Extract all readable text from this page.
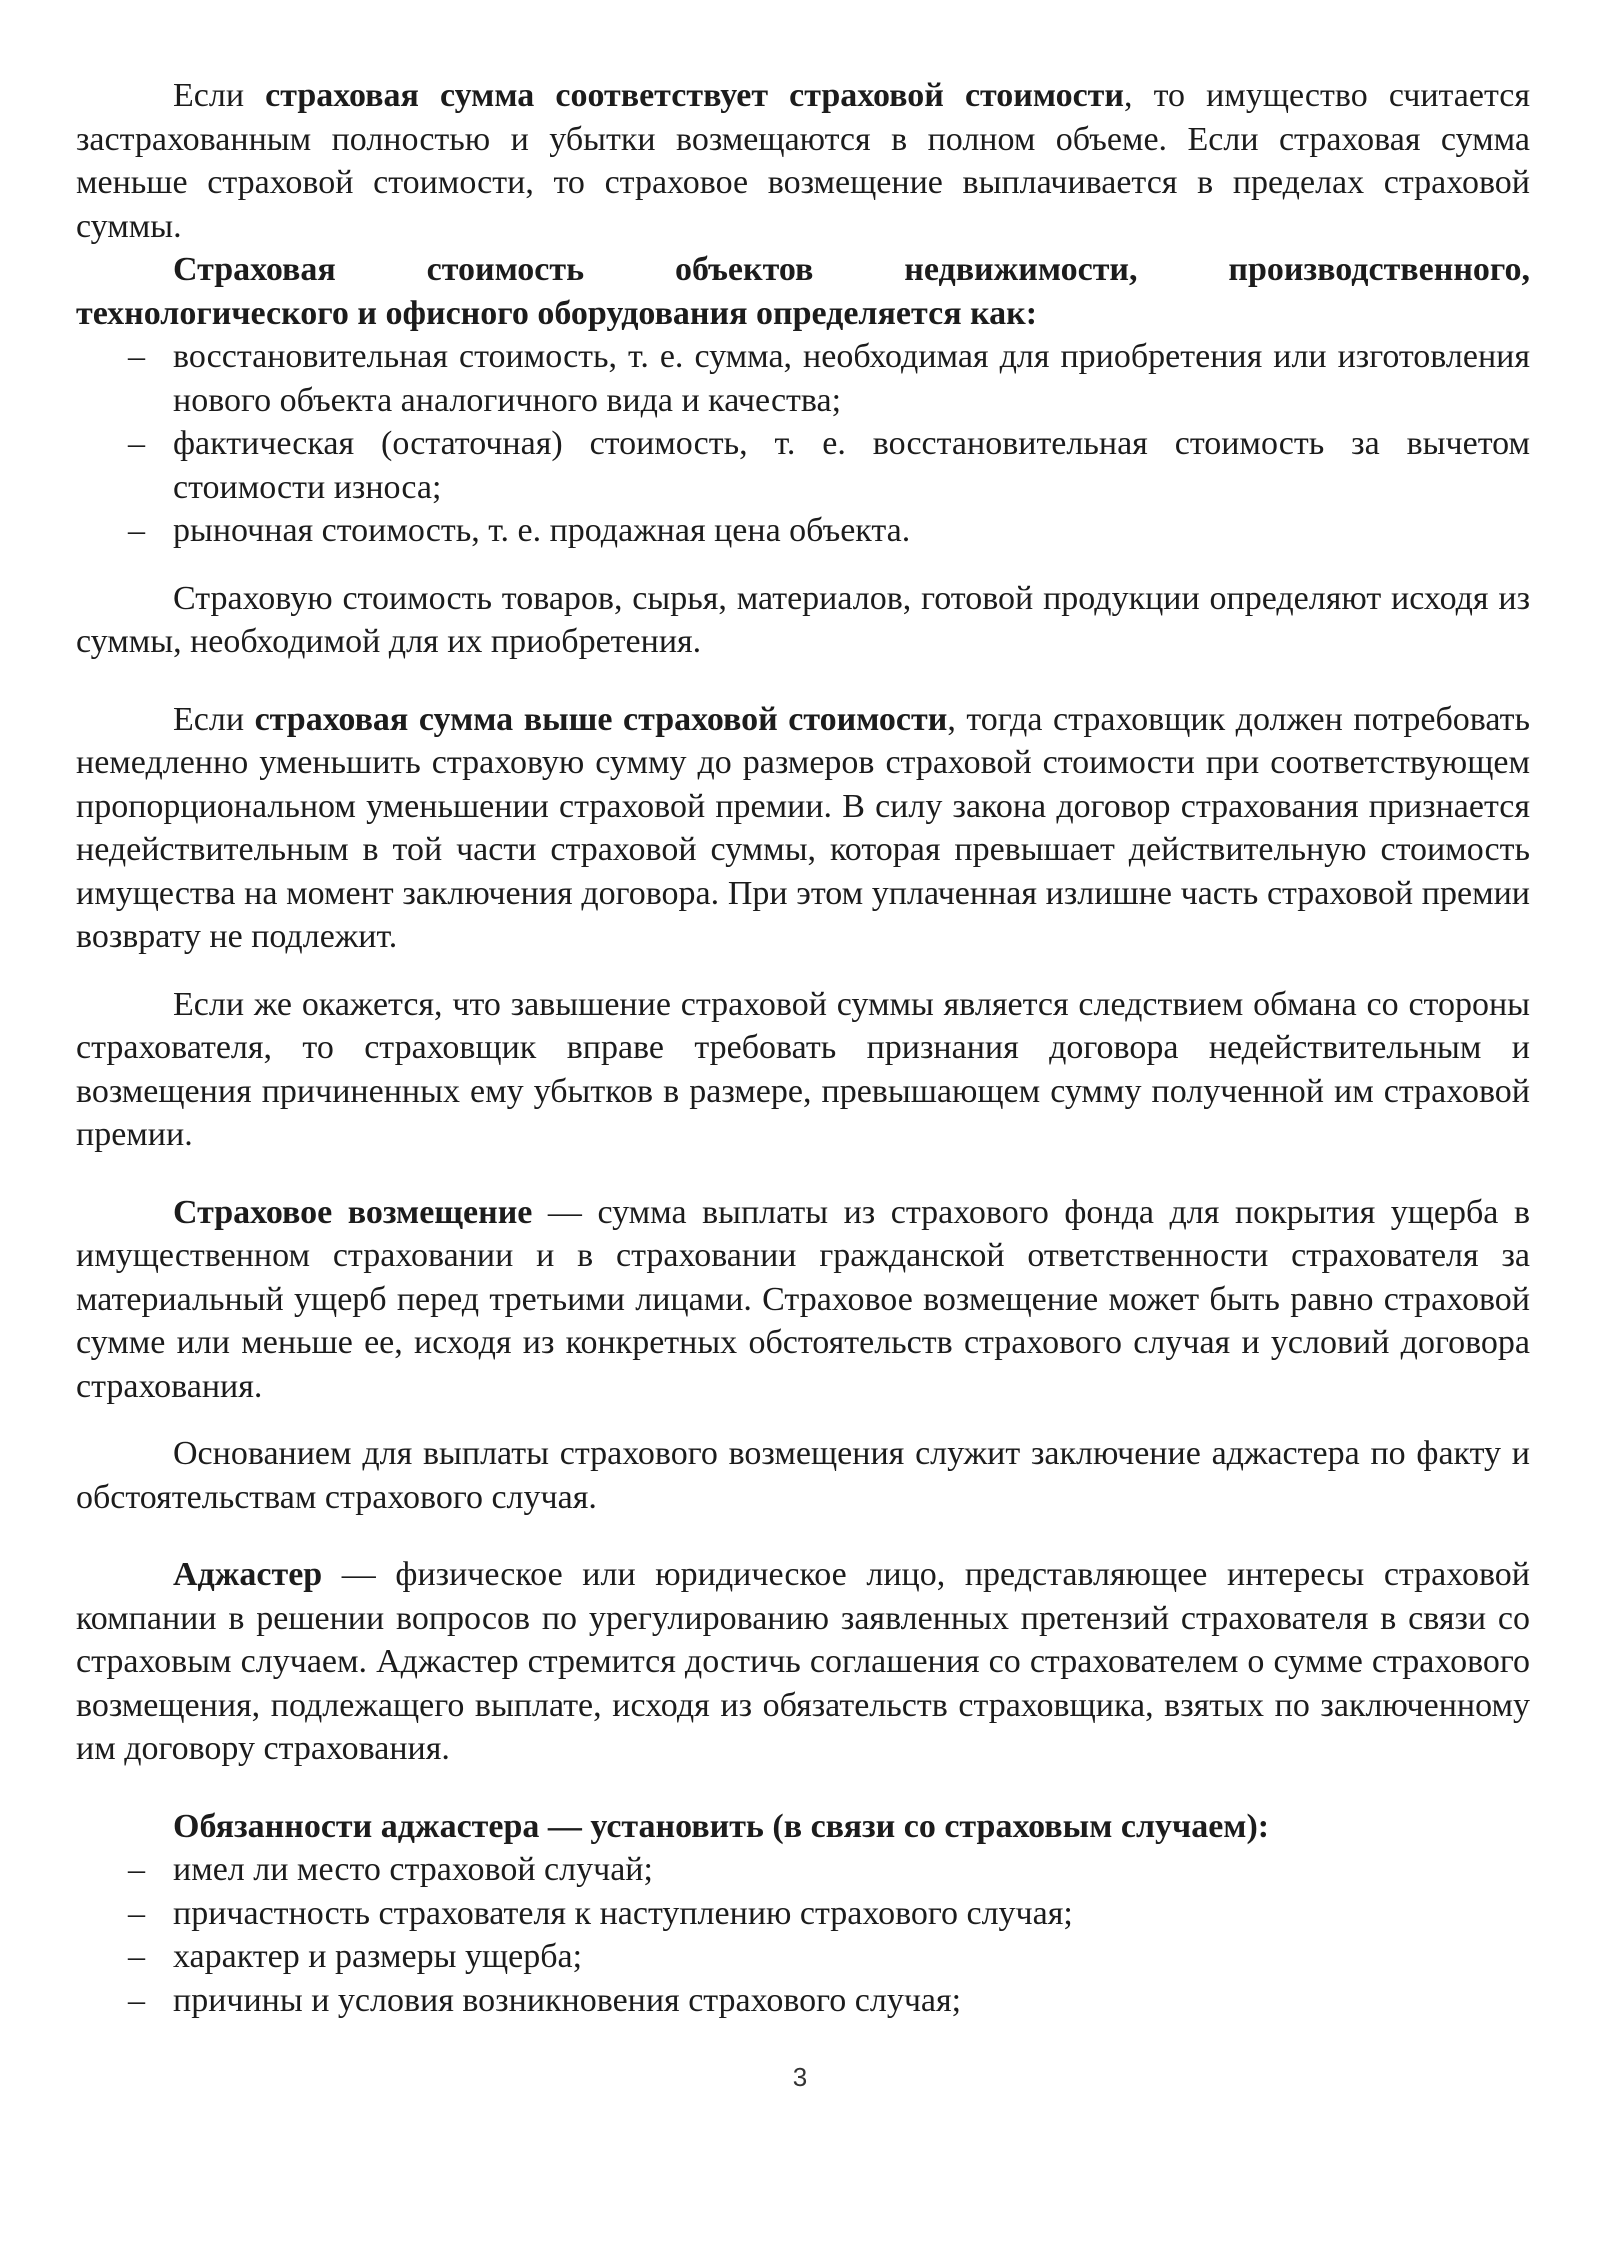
Если страховая сумма соответствует страховой стоимости, то имущество считается застрахованным полностью и убытки возмещаются в полном объеме. Если страховая сумма меньше страховой стоимости, то страховое возмещение выплачивается в пределах страховой суммы.

Страховая стоимость объектов недвижимости, производственного,
технологического и офисного оборудования определяется как:
– восстановительная стоимость, т. е. сумма, необходимая для приобретения или изготовления нового объекта аналогичного вида и качества;
– фактическая (остаточная) стоимость, т. е. восстановительная стоимость за вычетом стоимости износа;
– рыночная стоимость, т. е. продажная цена объекта.

Страховую стоимость товаров, сырья, материалов, готовой продукции определяют исходя из суммы, необходимой для их приобретения.

Если страховая сумма выше страховой стоимости, тогда страховщик должен потребовать немедленно уменьшить страховую сумму до размеров страховой стоимости при соответствующем пропорциональном уменьшении страховой премии. В силу закона договор страхования признается недействительным в той части страховой суммы, которая превышает действительную стоимость имущества на момент заключения договора. При этом уплаченная излишне часть страховой премии возврату не подлежит.

Если же окажется, что завышение страховой суммы является следствием обмана со стороны страхователя, то страховщик вправе требовать признания договора недействительным и возмещения причиненных ему убытков в размере, превышающем сумму полученной им страховой премии.

Страховое возмещение — сумма выплаты из страхового фонда для покрытия ущерба в имущественном страховании и в страховании гражданской ответственности страхователя за материальный ущерб перед третьими лицами. Страховое возмещение может быть равно страховой сумме или меньше ее, исходя из конкретных обстоятельств страхового случая и условий договора страхования.

Основанием для выплаты страхового возмещения служит заключение аджастера по факту и обстоятельствам страхового случая.

Аджастер — физическое или юридическое лицо, представляющее интересы страховой компании в решении вопросов по урегулированию заявленных претензий страхователя в связи со страховым случаем. Аджастер стремится достичь соглашения со страхователем о сумме страхового возмещения, подлежащего выплате, исходя из обязательств страховщика, взятых по заключенному им договору страхования.

Обязанности аджастера — установить (в связи со страховым случаем):

– имел ли место страховой случай;
– причастность страхователя к наступлению страхового случая;
– характер и размеры ущерба;
– причины и условия возникновения страхового случая;
3
